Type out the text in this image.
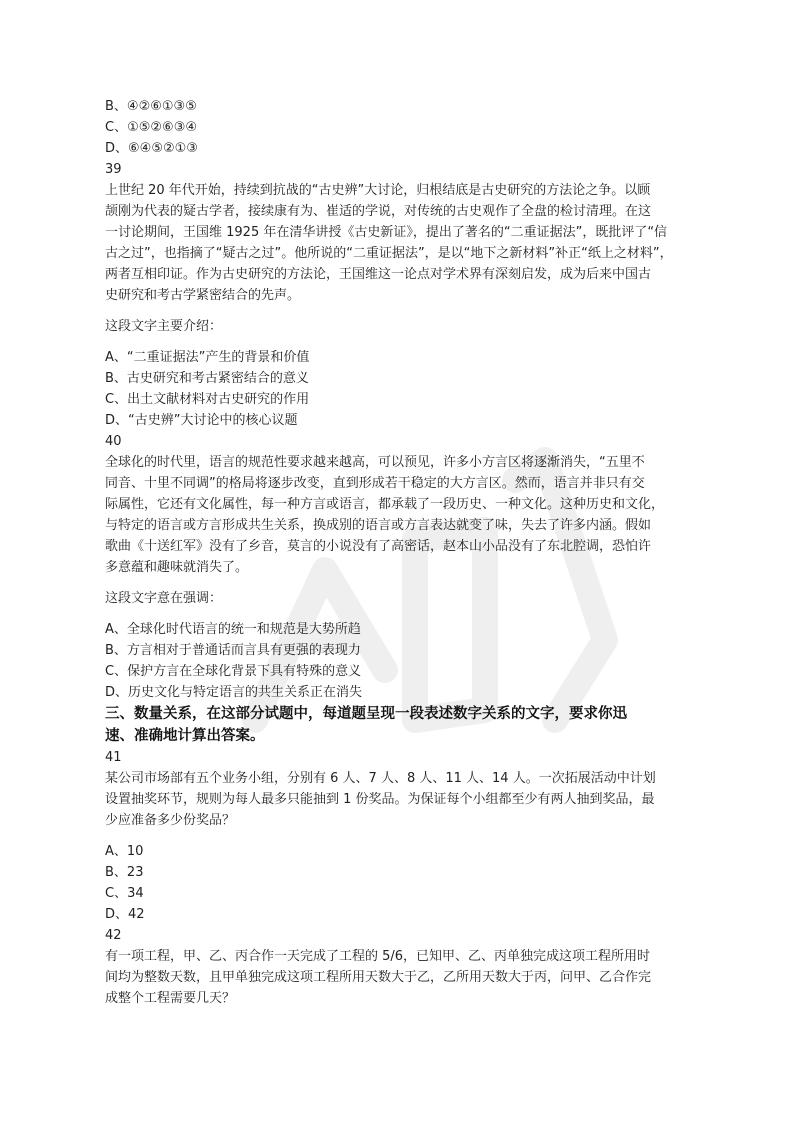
B、④②⑥①③⑤
C、①⑤②⑥③④
D、⑥④⑤②①③
39
上世纪 20 年代开始，持续到抗战的“古史辨”大讨论，归根结底是古史研究的方法论之争。以顾
颉刚为代表的疑古学者，接续康有为、崔适的学说，对传统的古史观作了全盘的检讨清理。在这
一讨论期间，王国维 1925 年在清华讲授《古史新证》，提出了著名的“二重证据法”，既批评了“信
古之过”，也指摘了“疑古之过”。他所说的“二重证据法”，是以“地下之新材料”补正“纸上之材料”，
两者互相印证。作为古史研究的方法论，王国维这一论点对学术界有深刻启发，成为后来中国古
史研究和考古学紧密结合的先声。
这段文字主要介绍：
A、“二重证据法”产生的背景和价值
B、古史研究和考古紧密结合的意义
C、出土文献材料对古史研究的作用
D、“古史辨”大讨论中的核心议题
40
全球化的时代里，语言的规范性要求越来越高，可以预见，许多小方言区将逐渐消失，“五里不
同音、十里不同调”的格局将逐步改变，直到形成若干稳定的大方言区。然而，语言并非只有交
际属性，它还有文化属性，每一种方言或语言，都承载了一段历史、一种文化。这种历史和文化，
与特定的语言或方言形成共生关系，换成别的语言或方言表达就变了味，失去了许多内涵。假如
歌曲《十送红军》没有了乡音，莫言的小说没有了高密话，赵本山小品没有了东北腔调，恐怕许
多意蕴和趣味就消失了。
这段文字意在强调：
A、全球化时代语言的统一和规范是大势所趋
B、方言相对于普通话而言具有更强的表现力
C、保护方言在全球化背景下具有特殊的意义
D、历史文化与特定语言的共生关系正在消失
三、数量关系，在这部分试题中，每道题呈现一段表述数字关系的文字，要求你迅
速、准确地计算出答案。
41
某公司市场部有五个业务小组，分别有 6 人、7 人、8 人、11 人、14 人。一次拓展活动中计划
设置抽奖环节，规则为每人最多只能抽到 1 份奖品。为保证每个小组都至少有两人抽到奖品，最
少应准备多少份奖品？
A、10
B、23
C、34
D、42
42
有一项工程，甲、乙、丙合作一天完成了工程的 5/6，已知甲、乙、丙单独完成这项工程所用时
间均为整数天数，且甲单独完成这项工程所用天数大于乙，乙所用天数大于丙，问甲、乙合作完
成整个工程需要几天？
